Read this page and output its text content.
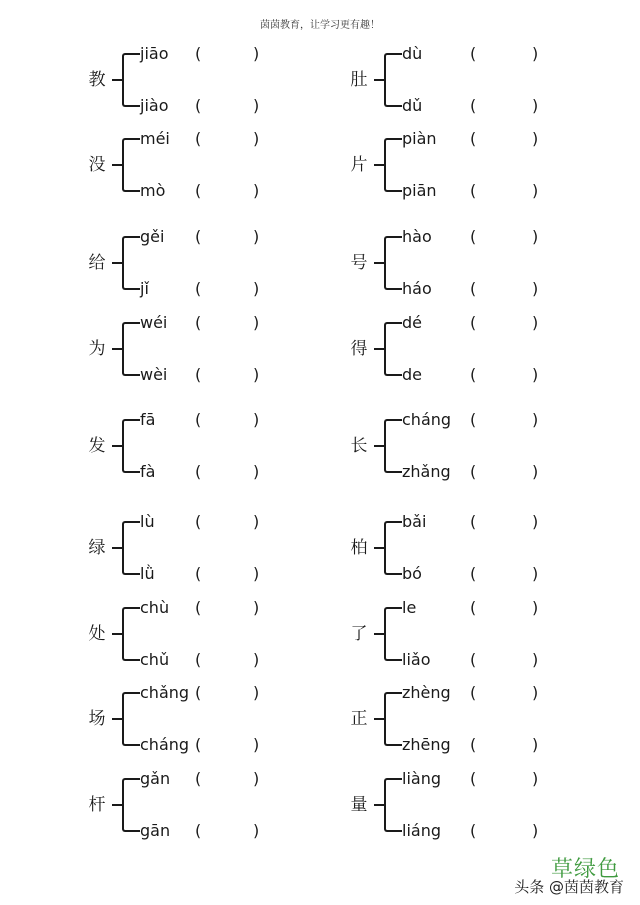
茵茵教育，让学习更有趣！
教
jiāo (	)
jiào (	)
没
méi (	)
mò (	)
给
gěi (	)
jǐ	(	)
为
wéi (	)
wèi (	)
发
fā (	)
fà (	)
绿
lù	(	)
lǜ	(	)
处
chù (	)
chǔ (	)
场
chǎng (	)
cháng (	)
杆
gǎn (	)
gān (	)
肚
dù	(	)
dǔ	(	)
片
piàn (	)
piān (	)
号
hào (	)
háo (	)
得
dé	(	)
de	(	)
长
cháng (	)
zhǎng (	)
柏
bǎi	(	)
bó	(	)
了
le	(	)
liǎo (	)
正
zhèng (	)
zhēng (	)
量
liàng (	)
liáng (	)
草绿色
头条 @茵茵教育
